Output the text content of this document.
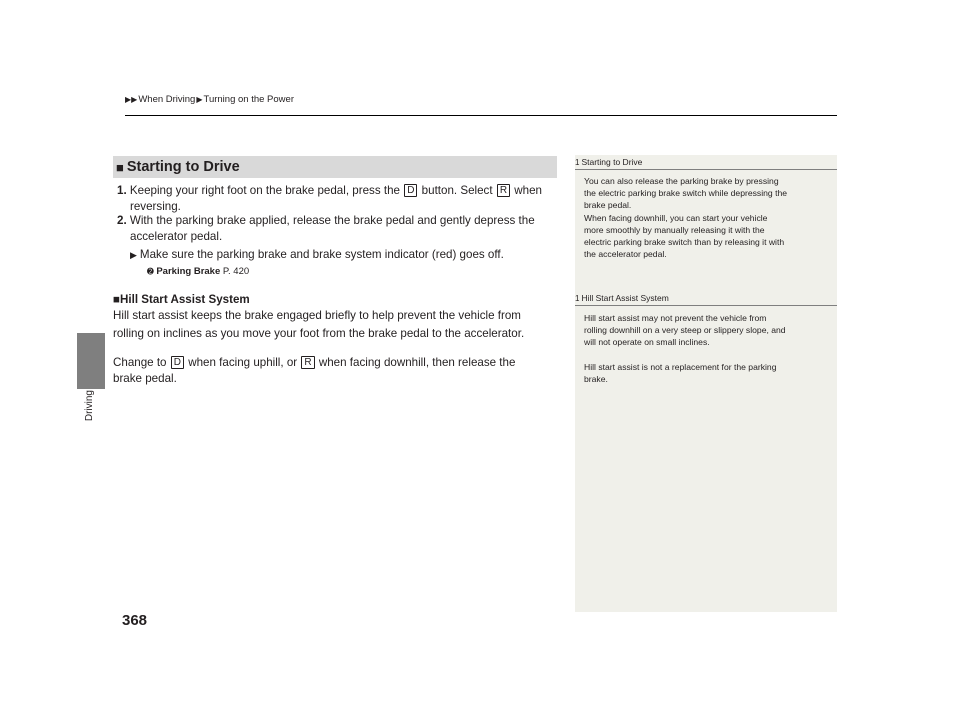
▶▶When Driving▶Turning on the Power
Driving
368
■ Starting to Drive
1. Keeping your right foot on the brake pedal, press the D button. Select R when
reversing.
2. With the parking brake applied, release the brake pedal and gently depress the
accelerator pedal.
▶ Make sure the parking brake and brake system indicator (red) goes off.
➋ Parking Brake P. 420
■Hill Start Assist System
Hill start assist keeps the brake engaged briefly to help prevent the vehicle from
rolling on inclines as you move your foot from the brake pedal to the accelerator.
Change to D when facing uphill, or R when facing downhill, then release the
brake pedal.
1 Starting to Drive
You can also release the parking brake by pressing
the electric parking brake switch while depressing the
brake pedal.
When facing downhill, you can start your vehicle
more smoothly by manually releasing it with the
electric parking brake switch than by releasing it with
the accelerator pedal.
1 Hill Start Assist System
Hill start assist may not prevent the vehicle from
rolling downhill on a very steep or slippery slope, and
will not operate on small inclines.
Hill start assist is not a replacement for the parking
brake.
